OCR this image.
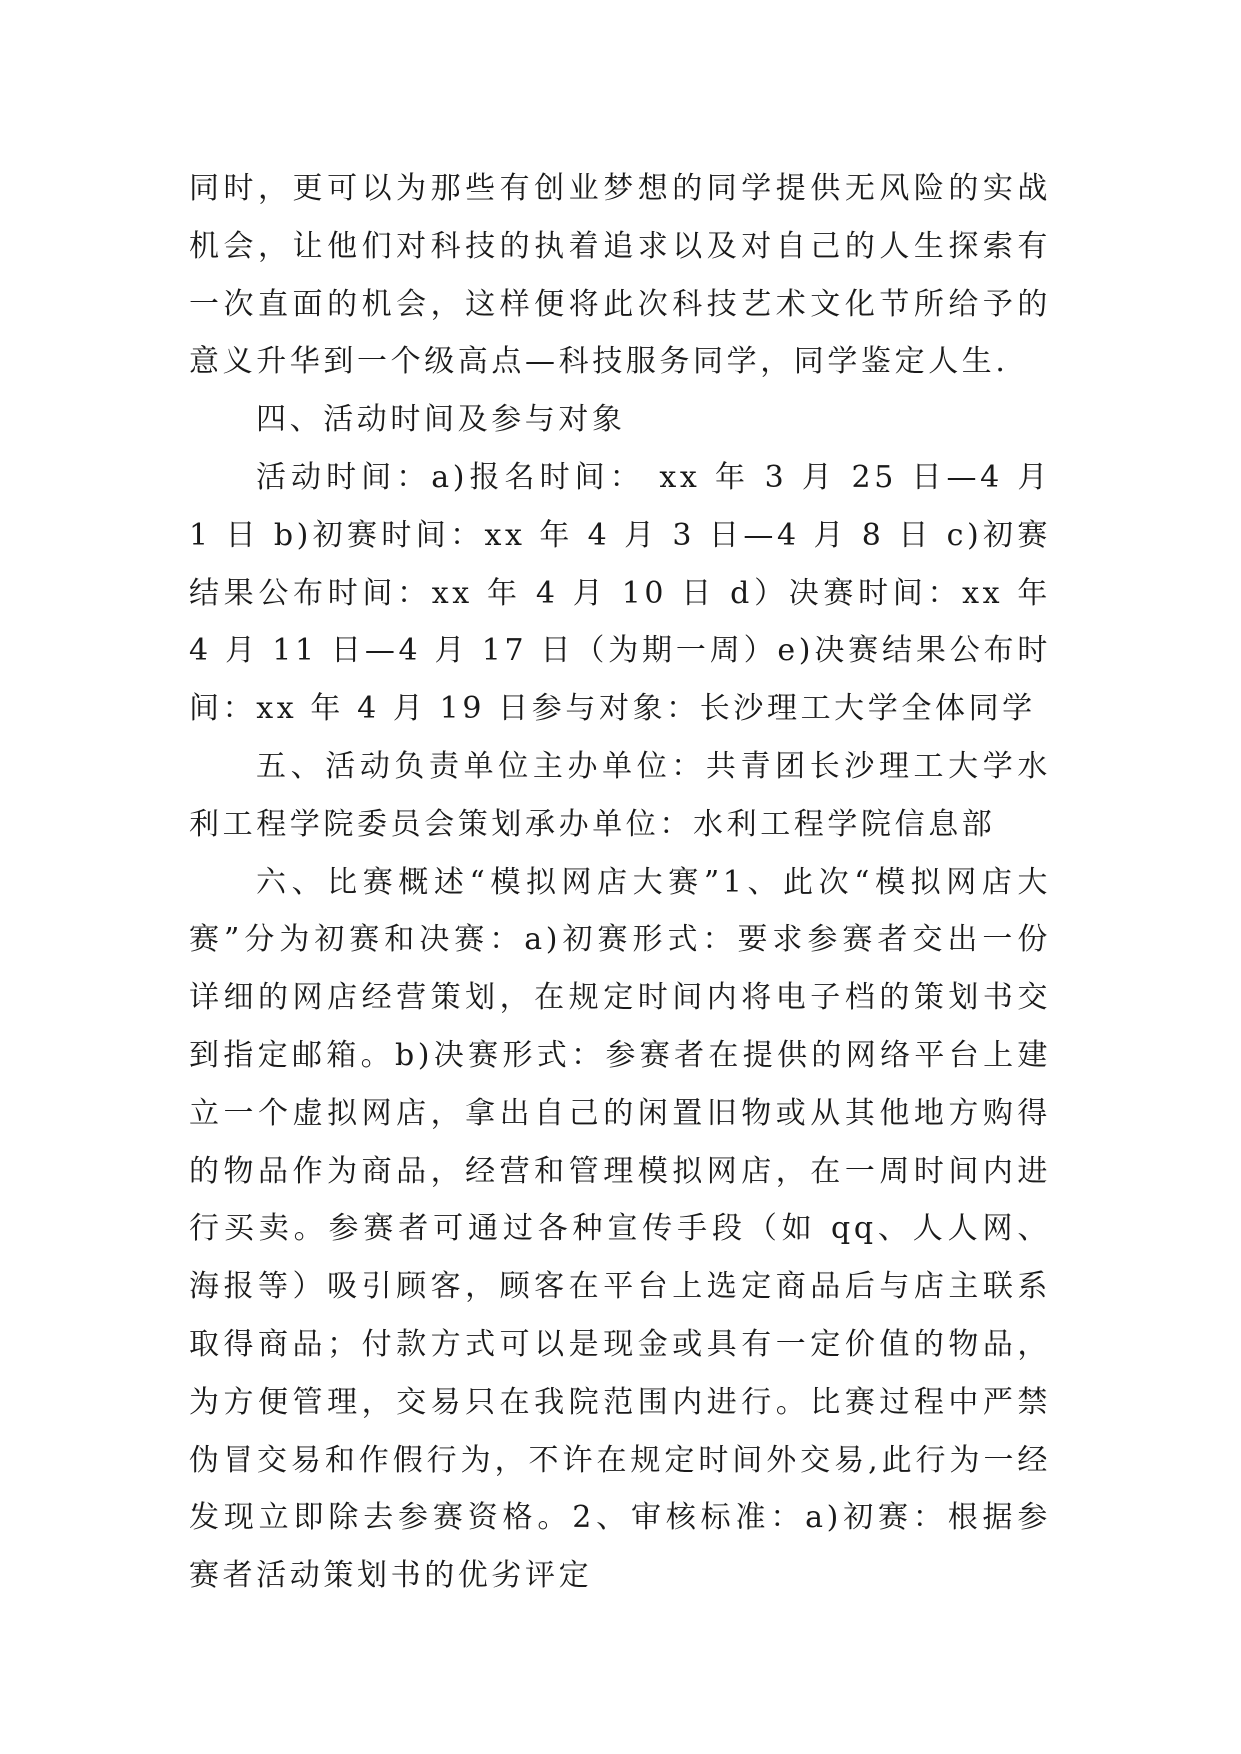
同时，更可以为那些有创业梦想的同学提供无风险的实战机会，让他们对科技的执着追求以及对自己的人生探索有一次直面的机会，这样便将此次科技艺术文化节所给予的意义升华到一个级高点—科技服务同学，同学鉴定人生.

四、活动时间及参与对象

活动时间：a)报名时间： xx 年 3 月 25 日—4 月 1 日 b)初赛时间：xx 年 4 月 3 日—4 月 8 日 c)初赛结果公布时间：xx 年 4 月 10 日 d）决赛时间：xx 年 4 月 11 日—4 月 17 日（为期一周）e)决赛结果公布时间：xx 年 4 月 19 日参与对象：长沙理工大学全体同学

五、活动负责单位主办单位：共青团长沙理工大学水利工程学院委员会策划承办单位：水利工程学院信息部

六、比赛概述“模拟网店大赛”1、此次“模拟网店大赛”分为初赛和决赛：a)初赛形式：要求参赛者交出一份详细的网店经营策划，在规定时间内将电子档的策划书交到指定邮箱。b)决赛形式：参赛者在提供的网络平台上建立一个虚拟网店，拿出自己的闲置旧物或从其他地方购得的物品作为商品，经营和管理模拟网店，在一周时间内进行买卖。参赛者可通过各种宣传手段（如 qq、人人网、海报等）吸引顾客，顾客在平台上选定商品后与店主联系取得商品；付款方式可以是现金或具有一定价值的物品，为方便管理，交易只在我院范围内进行。比赛过程中严禁伪冒交易和作假行为，不许在规定时间外交易,此行为一经发现立即除去参赛资格。2、审核标准：a)初赛：根据参赛者活动策划书的优劣评定
